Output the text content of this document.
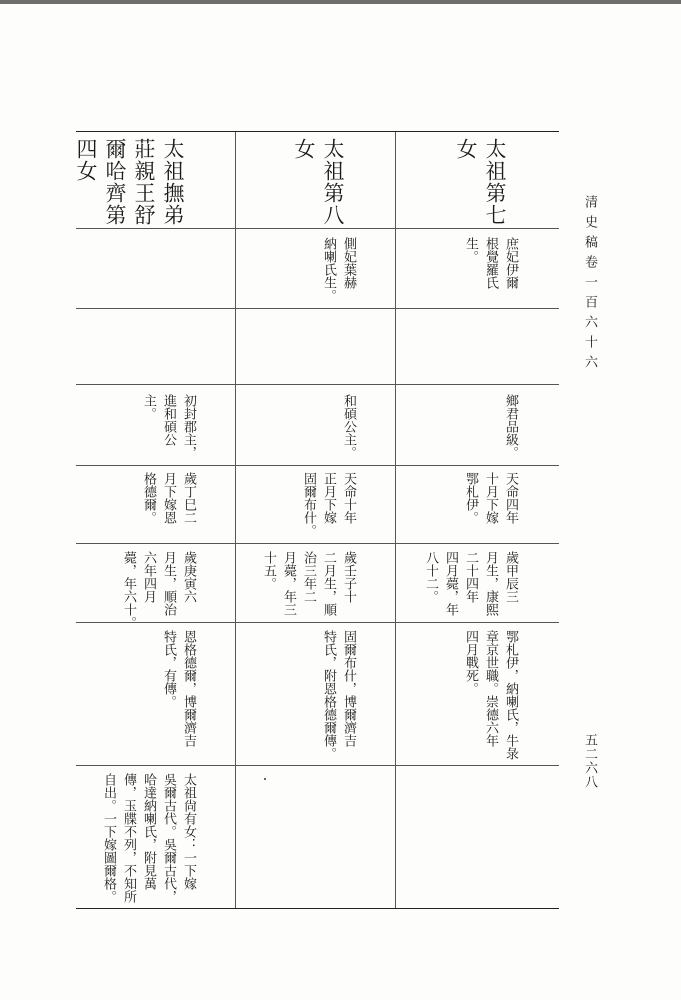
清史稿卷一百六十六
五二六八

太祖第七
女

庶妃伊爾
根覺羅氏
生。

鄉君品級。

天命四年
十月下嫁
鄂札伊。

歲甲辰三
月生，康熙
二十四年
四月薨，年
八十二。

鄂札伊，納喇氏，牛彔
章京世職。崇德六年
四月戰死。

太祖第八
女

側妃葉赫
納喇氏生。

和碩公主。

天命十年
正月下嫁
固爾布什。

歲壬子十
二月生，順
治三年二
月薨，年三
十五。

固爾布什，博爾濟吉
特氏，附恩格德爾傳。

太祖撫弟
莊親王舒
爾哈齊第
四女

初封郡主，
進和碩公
主。

歲丁巳二
月下嫁恩
格德爾。

歲庚寅六
月生，順治
六年四月
薨，年六十。

恩格德爾，博爾濟吉
特氏，有傳。

太祖尙有女：一下嫁
吳爾古代。吳爾古代，
哈達納喇氏，附見萬
傳，玉牒不列，不知所
自出。一下嫁圖爾格。
